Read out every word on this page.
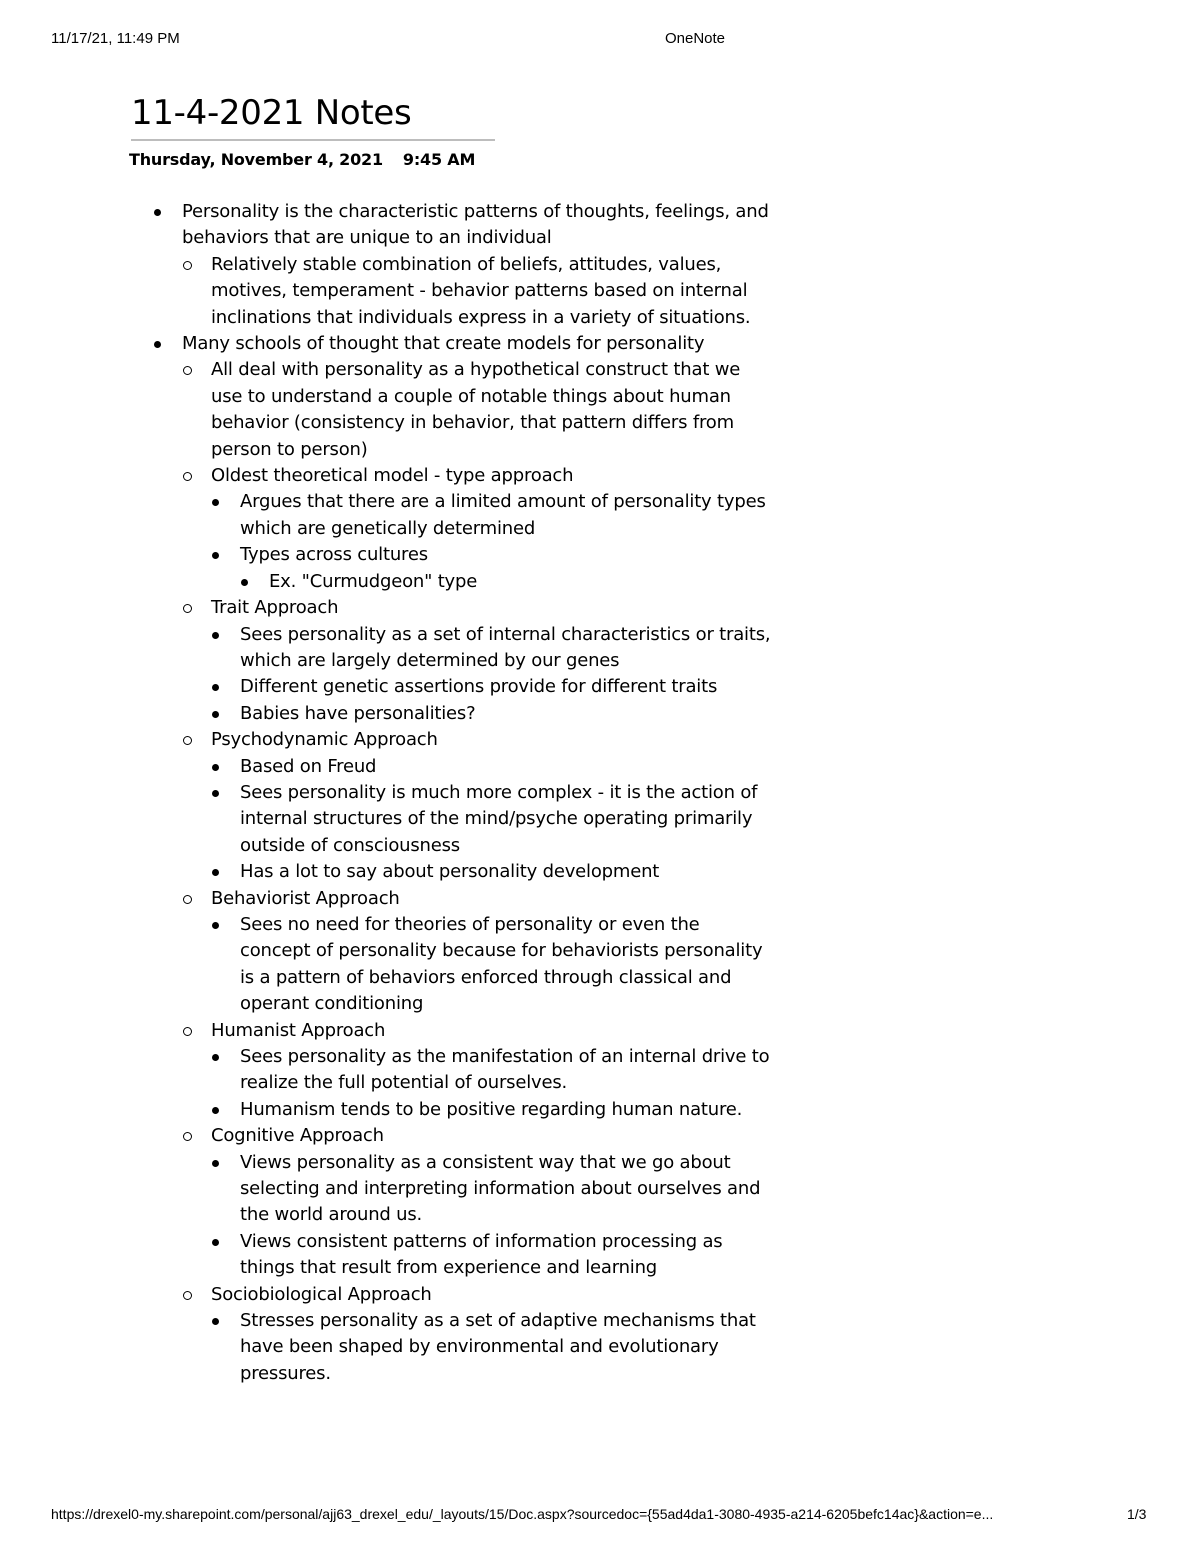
11/17/21, 11:49 PM	OneNote
11-4-2021 Notes
Thursday, November 4, 2021 9:45 AM
Personality is the characteristic patterns of thoughts, feelings, and behaviors that are unique to an individual
Relatively stable combination of beliefs, attitudes, values, motives, temperament - behavior patterns based on internal inclinations that individuals express in a variety of situations.
Many schools of thought that create models for personality
All deal with personality as a hypothetical construct that we use to understand a couple of notable things about human behavior (consistency in behavior, that pattern differs from person to person)
Oldest theoretical model - type approach
Argues that there are a limited amount of personality types which are genetically determined
Types across cultures
Ex. "Curmudgeon" type
Trait Approach
Sees personality as a set of internal characteristics or traits, which are largely determined by our genes
Different genetic assertions provide for different traits
Babies have personalities?
Psychodynamic Approach
Based on Freud
Sees personality is much more complex - it is the action of internal structures of the mind/psyche operating primarily outside of consciousness
Has a lot to say about personality development
Behaviorist Approach
Sees no need for theories of personality or even the concept of personality because for behaviorists personality is a pattern of behaviors enforced through classical and operant conditioning
Humanist Approach
Sees personality as the manifestation of an internal drive to realize the full potential of ourselves.
Humanism tends to be positive regarding human nature.
Cognitive Approach
Views personality as a consistent way that we go about selecting and interpreting information about ourselves and the world around us.
Views consistent patterns of information processing as things that result from experience and learning
Sociobiological Approach
Stresses personality as a set of adaptive mechanisms that have been shaped by environmental and evolutionary pressures.
https://drexel0-my.sharepoint.com/personal/ajj63_drexel_edu/_layouts/15/Doc.aspx?sourcedoc={55ad4da1-3080-4935-a214-6205befc14ac}&action=e...	1/3
